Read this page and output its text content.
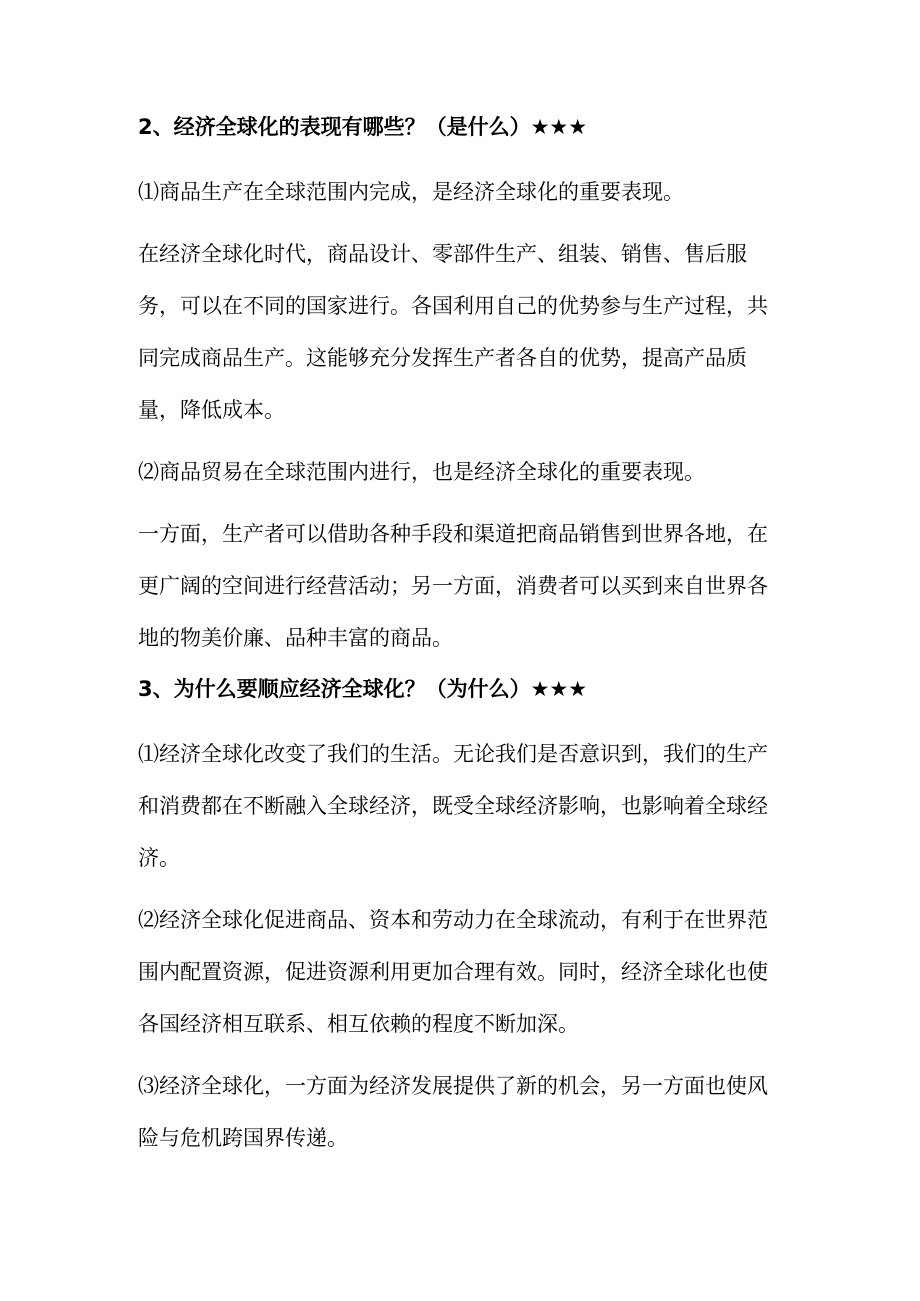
2、经济全球化的表现有哪些？（是什么）★★★
⑴商品生产在全球范围内完成，是经济全球化的重要表现。
在经济全球化时代，商品设计、零部件生产、组装、销售、售后服务，可以在不同的国家进行。各国利用自己的优势参与生产过程，共同完成商品生产。这能够充分发挥生产者各自的优势，提高产品质量，降低成本。
⑵商品贸易在全球范围内进行，也是经济全球化的重要表现。
一方面，生产者可以借助各种手段和渠道把商品销售到世界各地，在更广阔的空间进行经营活动；另一方面，消费者可以买到来自世界各地的物美价廉、品种丰富的商品。
3、为什么要顺应经济全球化？（为什么）★★★
⑴经济全球化改变了我们的生活。无论我们是否意识到，我们的生产和消费都在不断融入全球经济，既受全球经济影响，也影响着全球经济。
⑵经济全球化促进商品、资本和劳动力在全球流动，有利于在世界范围内配置资源，促进资源利用更加合理有效。同时，经济全球化也使各国经济相互联系、相互依赖的程度不断加深。
⑶经济全球化，一方面为经济发展提供了新的机会，另一方面也使风险与危机跨国界传递。
